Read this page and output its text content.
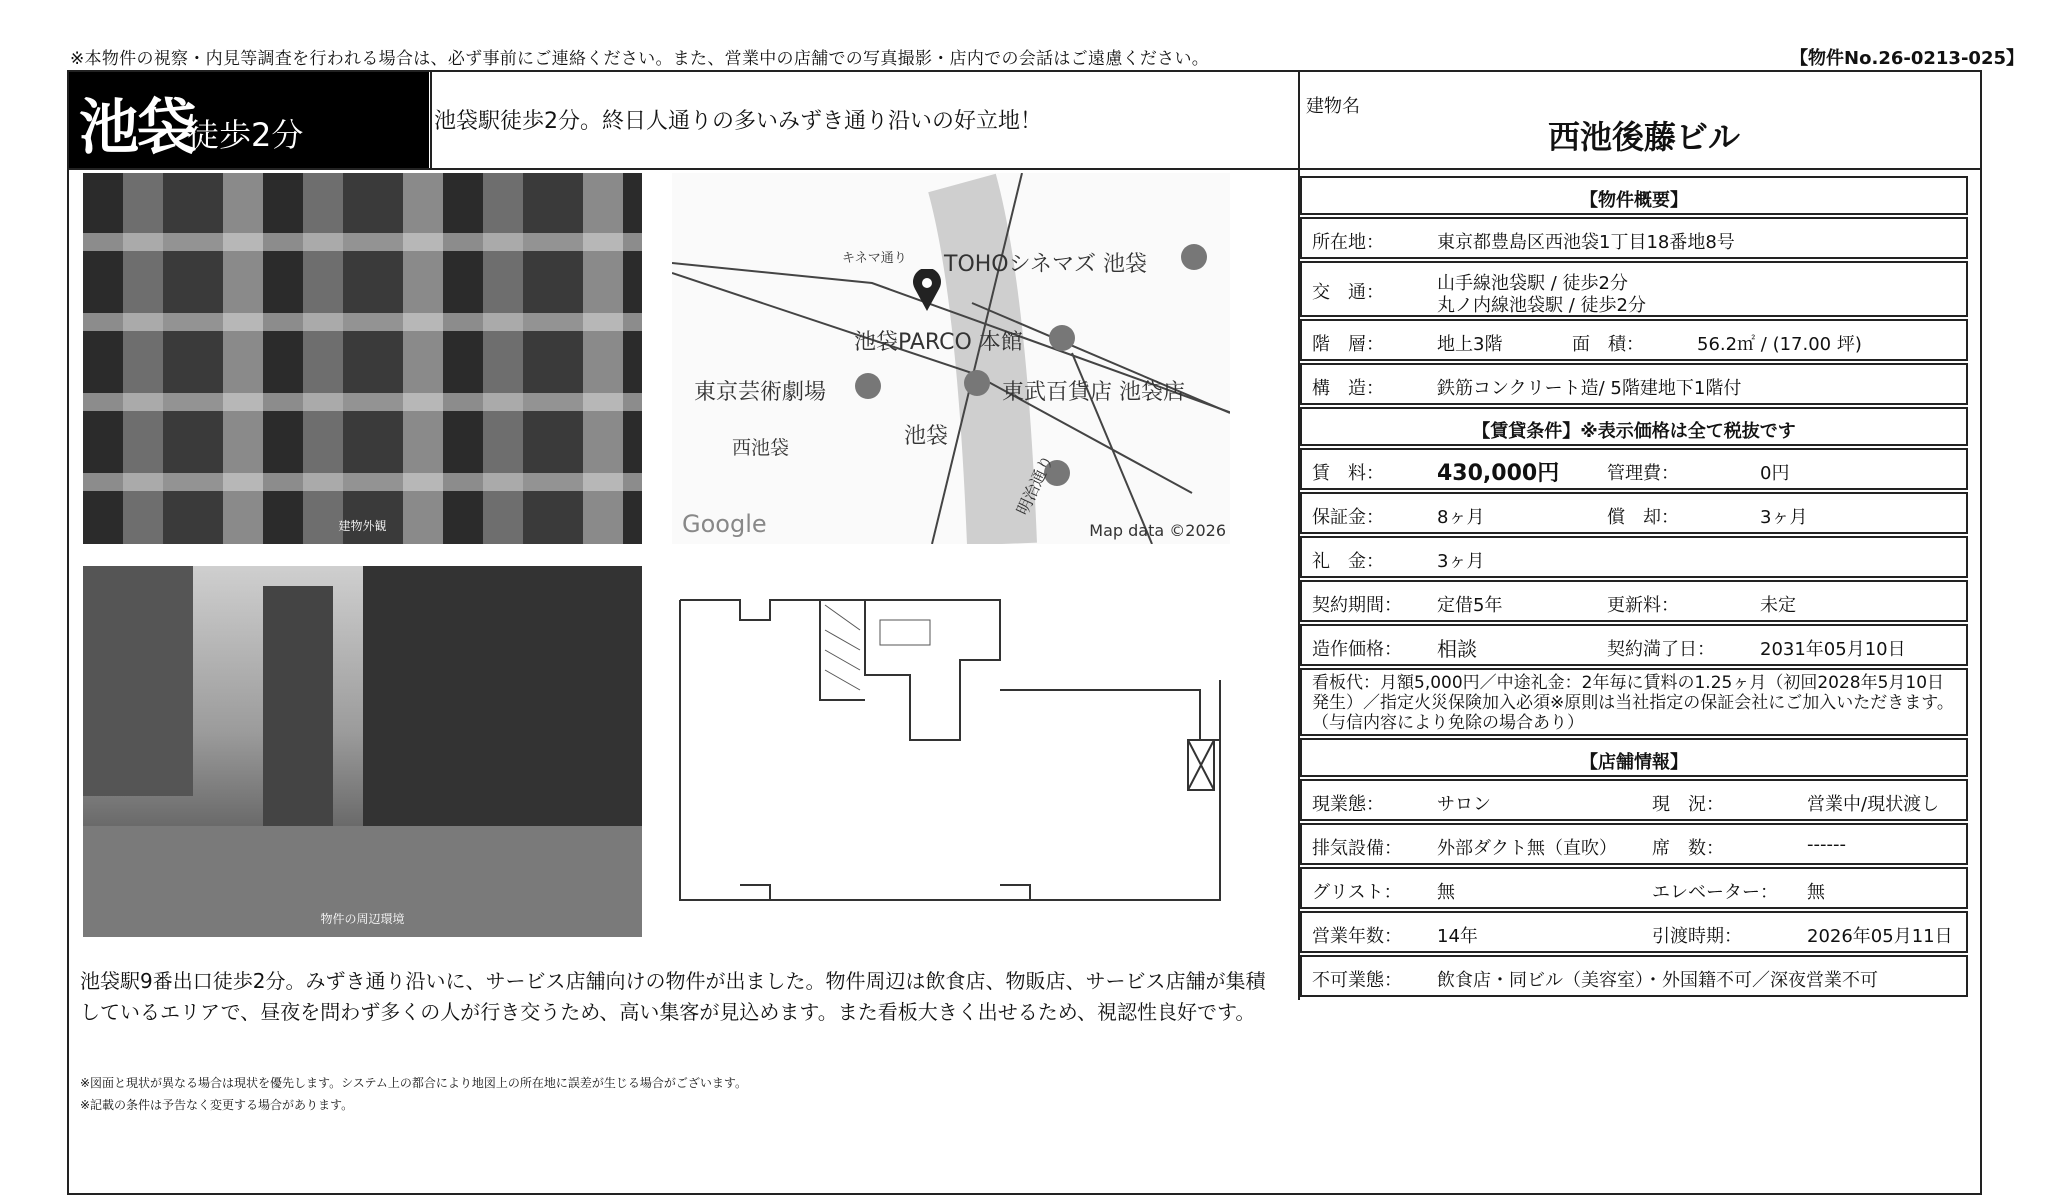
※本物件の視察・内見等調査を行われる場合は、必ず事前にご連絡ください。また、営業中の店舗での写真撮影・店内での会話はご遠慮ください。	【物件No.26-0213-025】
池袋
徒歩2分	池袋駅徒歩2分。終日人通りの多いみずき通り沿いの好立地！
建物名
西池後藤ビル
建物外観
キネマ通り TOHOシネマズ 池袋
池袋PARCO 本館
東京芸術劇場	東武百貨店 池袋店
西池袋	池袋
明治通り
Google	Map data ©2026
物件の周辺環境
池袋駅9番出口徒歩2分。みずき通り沿いに、サービス店舗向けの物件が出ました。物件周辺は飲食店、物販店、サービス店舗が集積しているエリアで、昼夜を問わず多くの人が行き交うため、高い集客が見込めます。また看板大きく出せるため、視認性良好です。
※図面と現状が異なる場合は現状を優先します。システム上の都合により地図上の所在地に誤差が生じる場合がございます。
※記載の条件は予告なく変更する場合があります。
【物件概要】
所在地：	東京都豊島区西池袋1丁目18番地8号
交　通：	山手線池袋駅 / 徒歩2分
丸ノ内線池袋駅 / 徒歩2分
階　層：	地上3階	面　積：	56.2㎡ / (17.00 坪)
構　造：	鉄筋コンクリート造/ 5階建地下1階付
【賃貸条件】※表示価格は全て税抜です
賃　料： 430,000円	管理費：	0円
保証金：	8ヶ月	償　却：	3ヶ月
礼　金：	3ヶ月
契約期間： 定借5年	更新料：	未定
造作価格： 相談	契約満了日：	2031年05月10日
看板代：月額5,000円／中途礼金：2年毎に賃料の1.25ヶ月（初回2028年5月10日発生）／指定火災保険加入必須※原則は当社指定の保証会社にご加入いただきます。（与信内容により免除の場合あり）
【店舗情報】
現業態：	サロン	現　況：	営業中/現状渡し
排気設備： 外部ダクト無（直吹） 席　数：	------
グリスト： 無	エレベーター： 無
営業年数： 14年	引渡時期：	2026年05月11日
不可業態： 飲食店・同ビル（美容室）・外国籍不可／深夜営業不可
